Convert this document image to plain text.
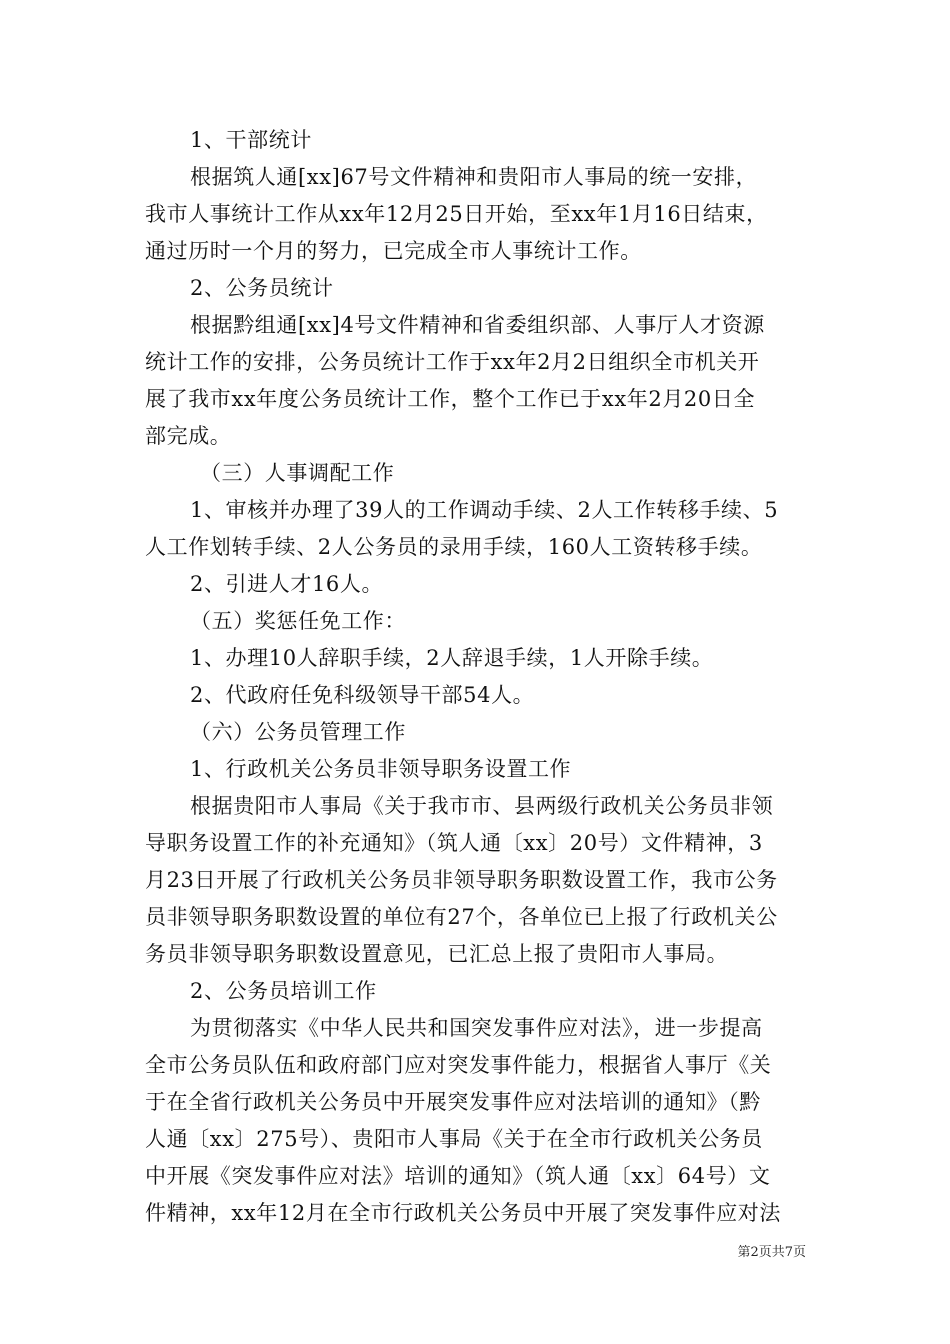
1、干部统计
根据筑人通[xx]67号文件精神和贵阳市人事局的统一安排，
我市人事统计工作从xx年12月25日开始，至xx年1月16日结束，
通过历时一个月的努力，已完成全市人事统计工作。
2、公务员统计
根据黔组通[xx]4号文件精神和省委组织部、人事厅人才资源
统计工作的安排，公务员统计工作于xx年2月2日组织全市机关开
展了我市xx年度公务员统计工作，整个工作已于xx年2月20日全
部完成。
（三）人事调配工作
1、审核并办理了39人的工作调动手续、2人工作转移手续、5
人工作划转手续、2人公务员的录用手续，160人工资转移手续。
2、引进人才16人。
（五）奖惩任免工作：
1、办理10人辞职手续，2人辞退手续，1人开除手续。
2、代政府任免科级领导干部54人。
（六）公务员管理工作
1、行政机关公务员非领导职务设置工作
根据贵阳市人事局《关于我市市、县两级行政机关公务员非领
导职务设置工作的补充通知》（筑人通〔xx〕20号）文件精神，3
月23日开展了行政机关公务员非领导职务职数设置工作，我市公务
员非领导职务职数设置的单位有27个，各单位已上报了行政机关公
务员非领导职务职数设置意见，已汇总上报了贵阳市人事局。
2、公务员培训工作
为贯彻落实《中华人民共和国突发事件应对法》，进一步提高
全市公务员队伍和政府部门应对突发事件能力，根据省人事厅《关
于在全省行政机关公务员中开展突发事件应对法培训的通知》（黔
人通〔xx〕275号）、贵阳市人事局《关于在全市行政机关公务员
中开展《突发事件应对法》培训的通知》（筑人通〔xx〕64号）文
件精神，xx年12月在全市行政机关公务员中开展了突发事件应对法
第2页共7页
